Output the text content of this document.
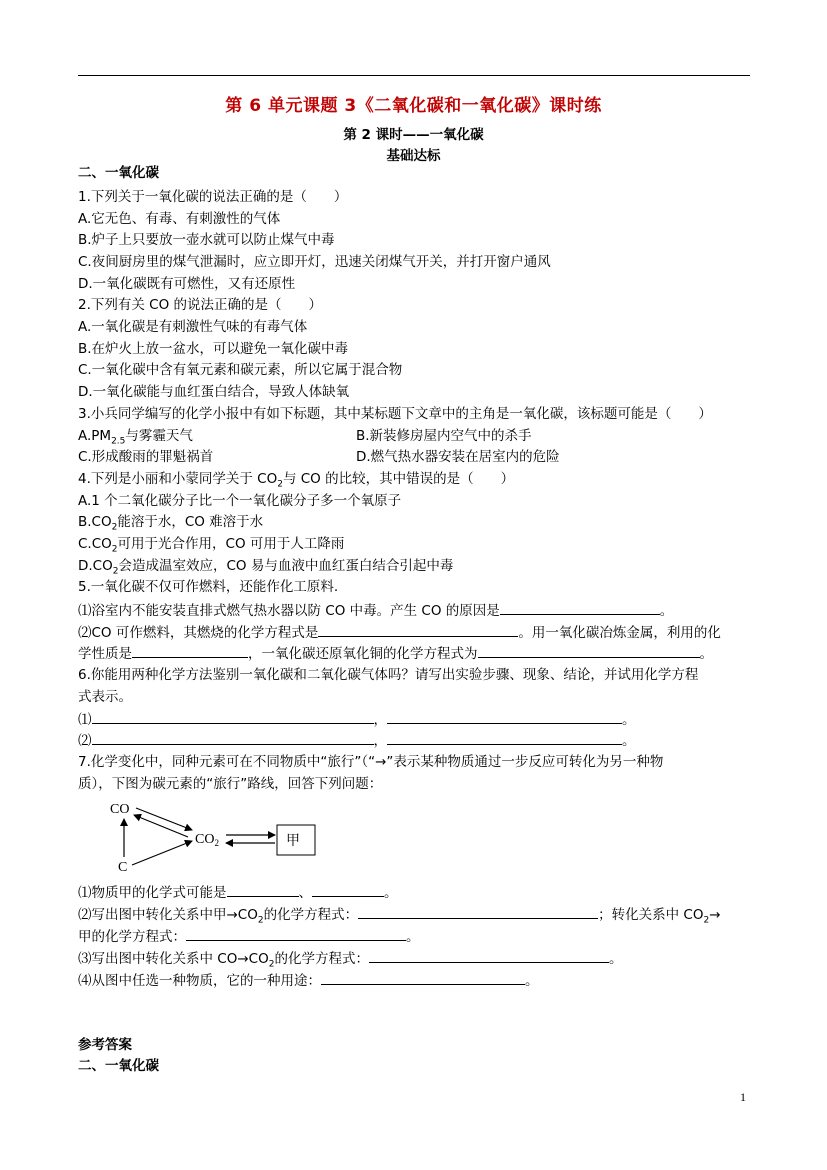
第 6 单元课题 3《二氧化碳和一氧化碳》课时练
第 2 课时——一氧化碳
基础达标
二、一氧化碳
1.下列关于一氧化碳的说法正确的是（　　）
A.它无色、有毒、有刺激性的气体
B.炉子上只要放一壶水就可以防止煤气中毒
C.夜间厨房里的煤气泄漏时，应立即开灯，迅速关闭煤气开关，并打开窗户通风
D.一氧化碳既有可燃性，又有还原性
2.下列有关 CO 的说法正确的是（　　）
A.一氧化碳是有刺激性气味的有毒气体
B.在炉火上放一盆水，可以避免一氧化碳中毒
C.一氧化碳中含有氧元素和碳元素，所以它属于混合物
D.一氧化碳能与血红蛋白结合，导致人体缺氧
3.小兵同学编写的化学小报中有如下标题，其中某标题下文章中的主角是一氧化碳，该标题可能是（　　）
$A.PM_{2.5}$与雾霾天气	B.新装修房屋内空气中的杀手
C.形成酸雨的罪魁祸首	D.燃气热水器安装在居室内的危险
4.下列是小丽和小蒙同学关于 $CO_2$与 CO 的比较，其中错误的是（　　）
A.1 个二氧化碳分子比一个一氧化碳分子多一个氧原子
$B.CO_2$能溶于水，CO 难溶于水
$C.CO_2$可用于光合作用，CO 可用于人工降雨
$D.CO_2$会造成温室效应，CO 易与血液中血红蛋白结合引起中毒
5.一氧化碳不仅可作燃料，还能作化工原料.
⑴浴室内不能安装直排式燃气热水器以防 CO 中毒。产生 CO 的原因是	。
⑵CO 可作燃料，其燃烧的化学方程式是	。用一氧化碳冶炼金属，利用的化
学性质是	，一氧化碳还原氧化铜的化学方程式为	。
6.你能用两种化学方法鉴别一氧化碳和二氧化碳气体吗？请写出实验步骤、现象、结论，并试用化学方程
式表示。
⑴	，	。
⑵	，	。
7.化学变化中，同种元素可在不同物质中“旅行”（“→”表示某种物质通过一步反应可转化为另一种物
质），下图为碳元素的“旅行”路线，回答下列问题：
CO
$CO_2$
C
甲
⑴物质甲的化学式可能是	、	。
⑵写出图中转化关系中甲$\to CO_2$的化学方程式：	；转化关系中 $CO_2\to$
甲的化学方程式：	。
⑶写出图中转化关系中 $CO\to CO_2$的化学方程式：	。
⑷从图中任选一种物质，它的一种用途：	。
参考答案
二、一氧化碳
1
